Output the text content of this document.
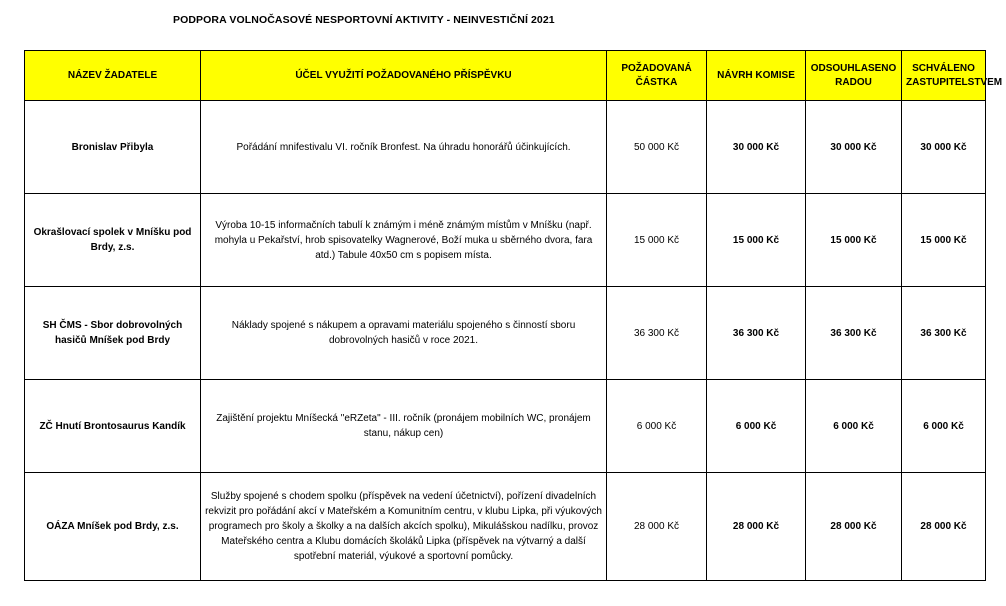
PODPORA VOLNOČASOVÉ NESPORTOVNÍ AKTIVITY - NEINVESTIČNÍ 2021
NÁZEV ŽADATELE	ÚČEL VYUŽITÍ POŽADOVANÉHO PŘÍSPĚVKU	POŽADOVANÁ ČÁSTKA	NÁVRH KOMISE	ODSOUHLASENO RADOU	SCHVÁLENO ZASTUPITELSTVEM
Bronislav Přibyla	Pořádání mnifestivalu VI. ročník Bronfest. Na úhradu honorářů účinkujících.	50 000 Kč	30 000 Kč	30 000 Kč	30 000 Kč
Okrašlovací spolek v Mníšku pod Brdy, z.s.	Výroba 10-15 informačních tabulí k známým i méně známým místům v Mníšku (např. mohyla u Pekařství, hrob spisovatelky Wagnerové, Boží muka u sběrného dvora, fara atd.) Tabule 40x50 cm s popisem místa.	15 000 Kč	15 000 Kč	15 000 Kč	15 000 Kč
SH ČMS - Sbor dobrovolných hasičů Mníšek pod Brdy	Náklady spojené s nákupem a opravami materiálu spojeného s činností sboru dobrovolných hasičů v roce 2021.	36 300 Kč	36 300 Kč	36 300 Kč	36 300 Kč
ZČ Hnutí Brontosaurus Kandík	Zajištění projektu Mníšecká "eRZeta" - III. ročník (pronájem mobilních WC, pronájem stanu, nákup cen)	6 000 Kč	6 000 Kč	6 000 Kč	6 000 Kč
OÁZA Mníšek pod Brdy, z.s.	Služby spojené s chodem spolku (příspěvek na vedení účetnictví), pořízení divadelních rekvizit pro pořádání akcí v Mateřském a Komunitním centru, v klubu Lipka, při výukových programech pro školy a školky a na dalších akcích spolku), Mikulášskou nadílku, provoz Mateřského centra a Klubu domácích školáků Lipka (příspěvek na výtvarný a další spotřební materiál, výukové a sportovní pomůcky.	28 000 Kč	28 000 Kč	28 000 Kč	28 000 Kč
